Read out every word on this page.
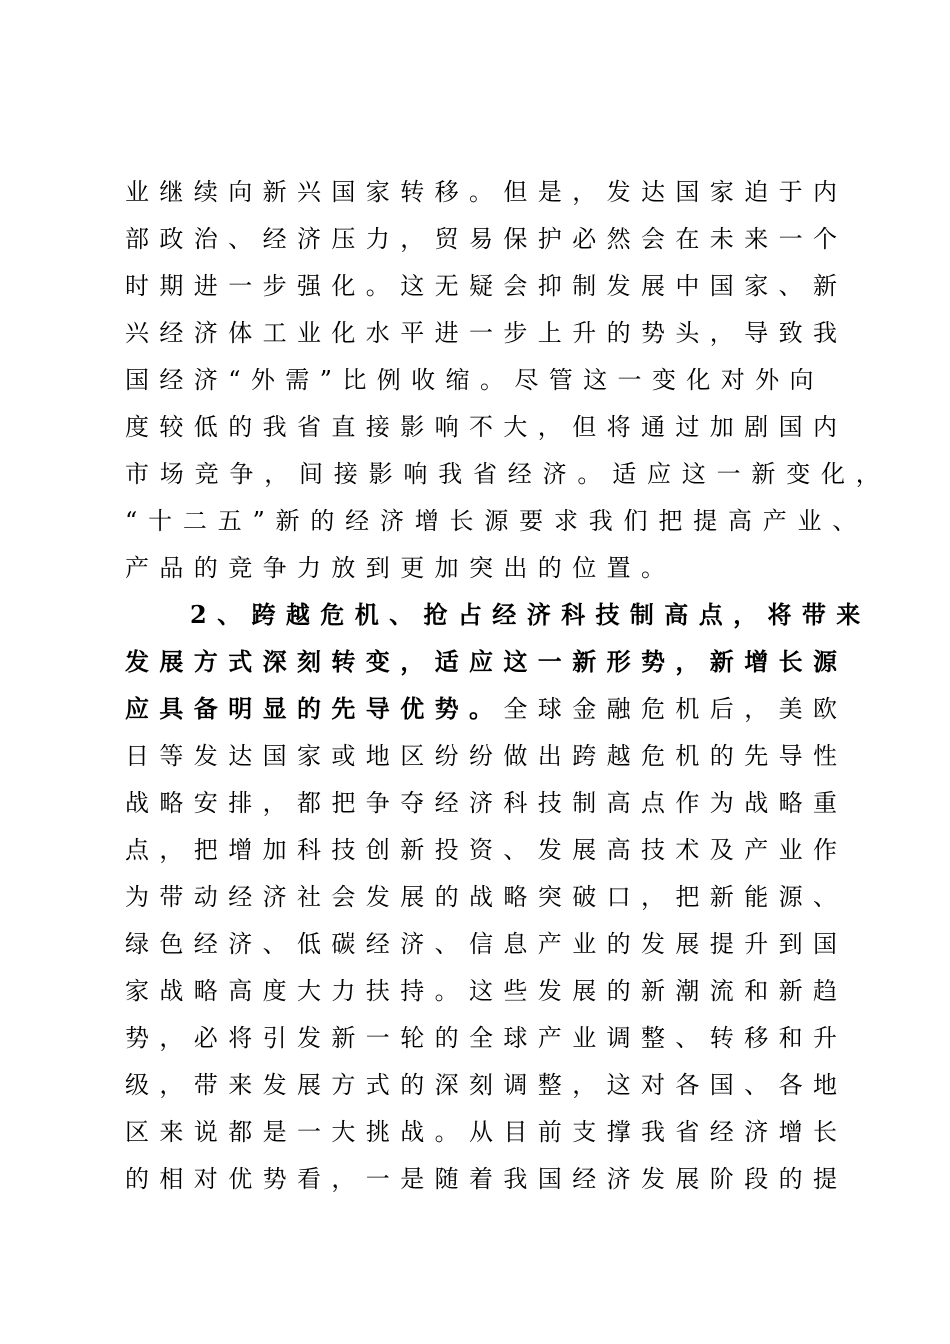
业继续向新兴国家转移。但是，发达国家迫于内
部政治、经济压力，贸易保护必然会在未来一个
时期进一步强化。这无疑会抑制发展中国家、新
兴经济体工业化水平进一步上升的势头，导致我
国经济“外需”比例收缩。尽管这一变化对外向
度较低的我省直接影响不大，但将通过加剧国内
市场竞争，间接影响我省经济。适应这一新变化，
“十二五”新的经济增长源要求我们把提高产业、
产品的竞争力放到更加突出的位置。
2、跨越危机、抢占经济科技制高点，将带来
发展方式深刻转变，适应这一新形势，新增长源
应具备明显的先导优势。全球金融危机后，美欧
日等发达国家或地区纷纷做出跨越危机的先导性
战略安排，都把争夺经济科技制高点作为战略重
点，把增加科技创新投资、发展高技术及产业作
为带动经济社会发展的战略突破口，把新能源、
绿色经济、低碳经济、信息产业的发展提升到国
家战略高度大力扶持。这些发展的新潮流和新趋
势，必将引发新一轮的全球产业调整、转移和升
级，带来发展方式的深刻调整，这对各国、各地
区来说都是一大挑战。从目前支撑我省经济增长
的相对优势看，一是随着我国经济发展阶段的提
